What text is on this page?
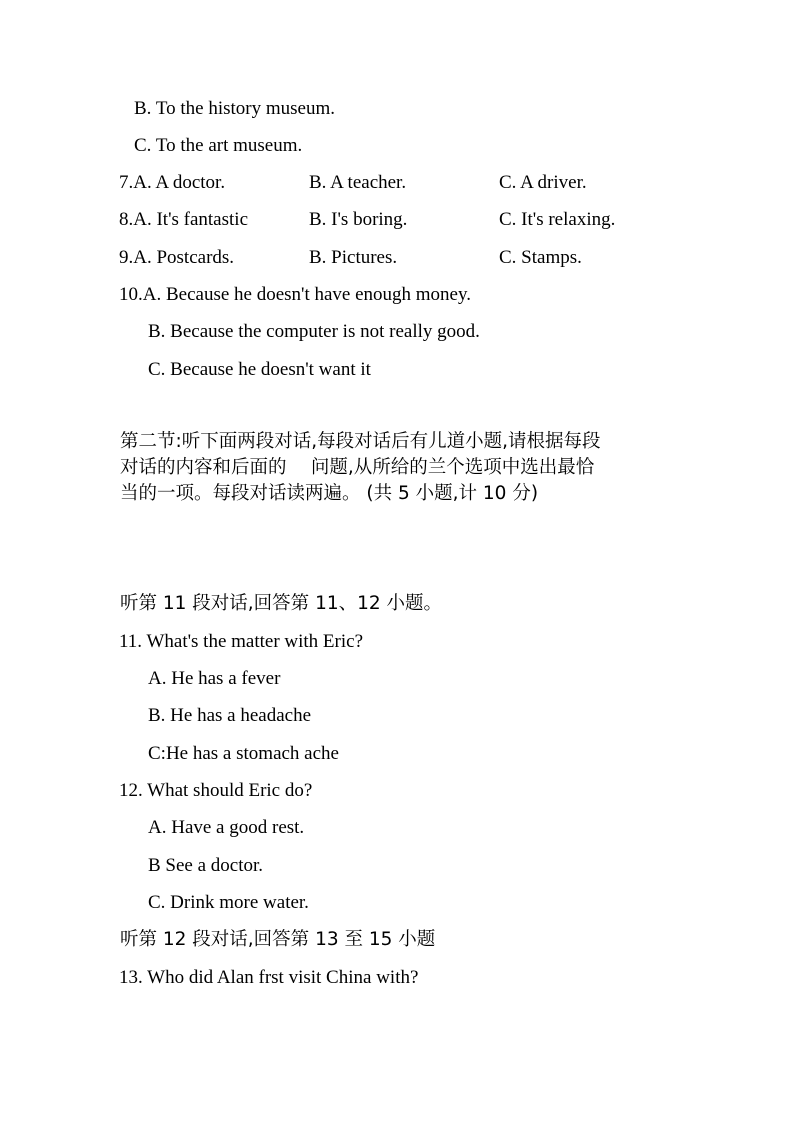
B. To the history museum.
C. To the art museum.
7.A. A doctor.	B. A teacher.	C. A driver.
8.A. It's fantastic	B. I's boring.	C. It's relaxing.
9.A. Postcards.	B. Pictures.	C. Stamps.
10.A. Because he doesn't have enough money.
B. Because the computer is not really good.
C. Because he doesn't want it
第二节:听下面两段对话,每段对话后有儿道小题,请根据每段
对话的内容和后面的　 问题,从所给的兰个选项中选出最恰
当的一项。每段对话读两遍。 (共 5 小题,计 10 分)
听第 11 段对话,回答第 11、12 小题。
11. What's the matter with Eric?
A. He has a fever
B. He has a headache
C:He has a stomach ache
12. What should Eric do?
A. Have a good rest.
B See a doctor.
C. Drink more water.
听第 12 段对话,回答第 13 至 15 小题
13. Who did Alan frst visit China with?
